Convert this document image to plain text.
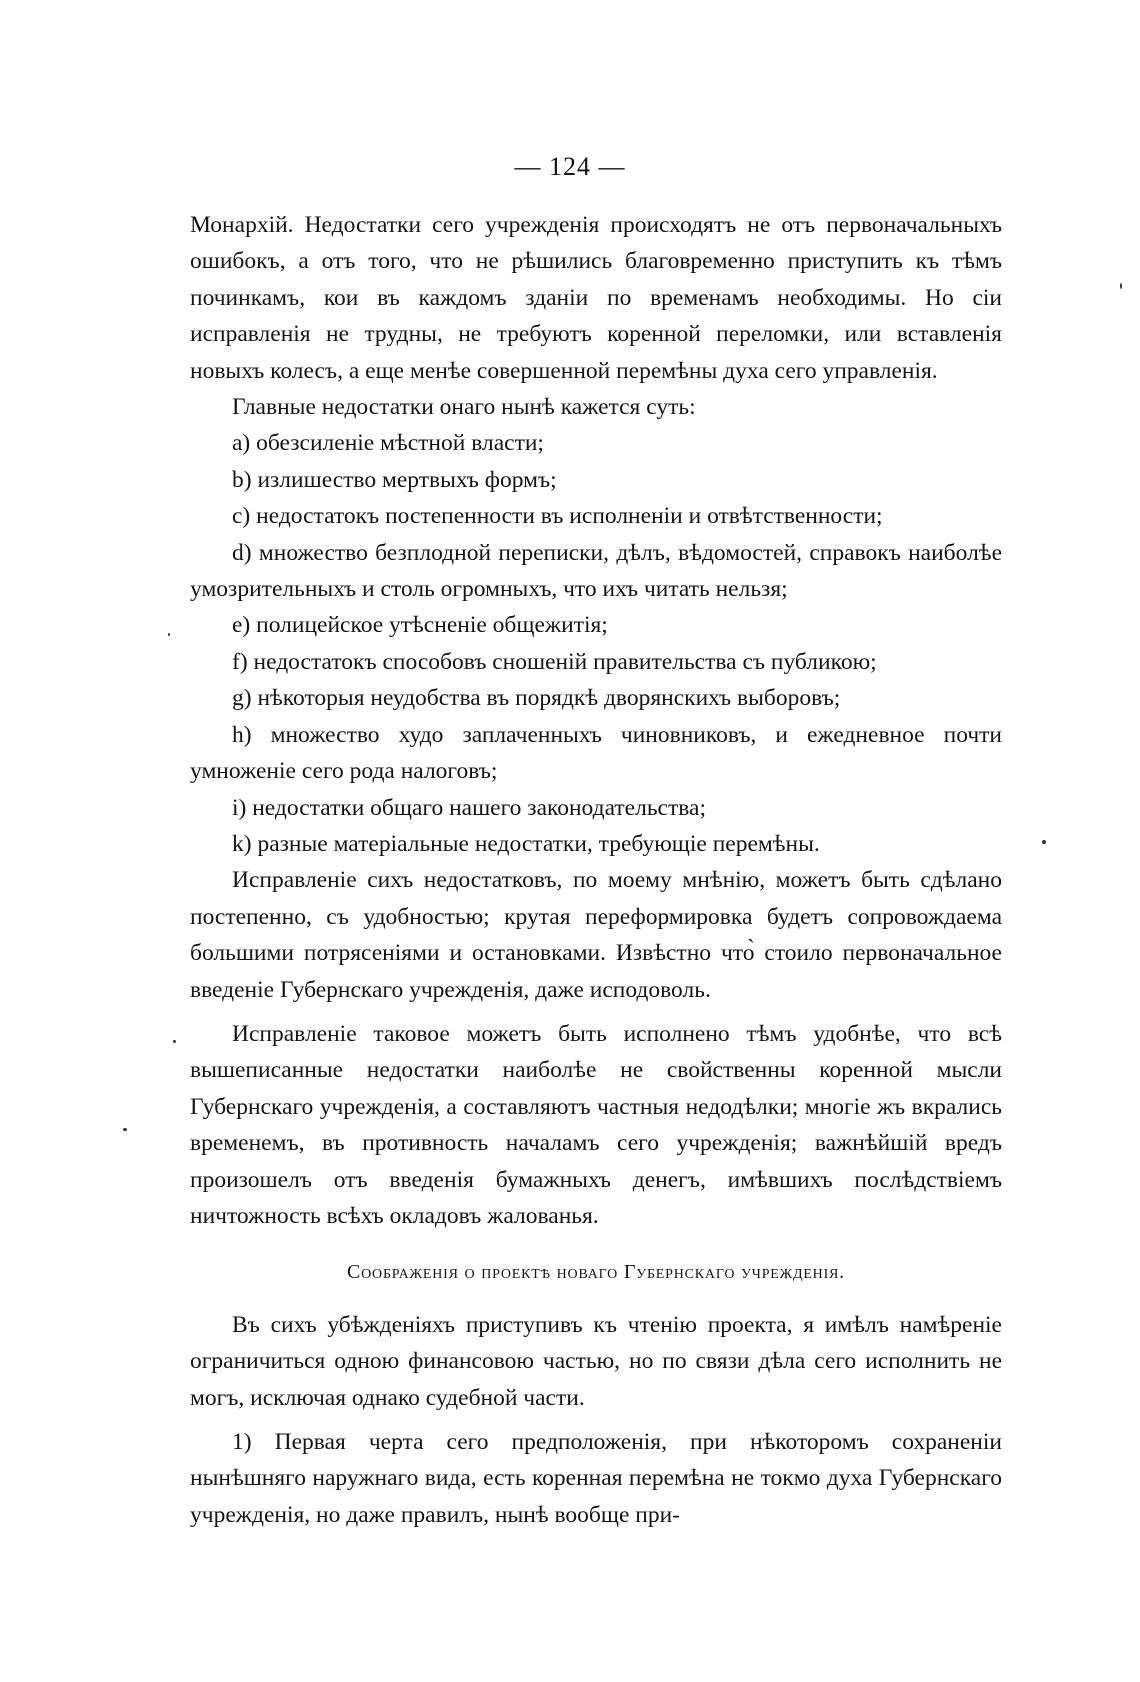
— 124 —

Монархій. Недостатки сего учрежденія происходятъ не отъ первоначальныхъ ошибокъ, а отъ того, что не рѣшились благовременно приступить къ тѣмъ починкамъ, кои въ каждомъ зданіи по временамъ необходимы. Но сіи исправленія не трудны, не требуютъ коренной переломки, или вставленія новыхъ колесъ, а еще менѣе совершенной перемѣны духа сего управленія.

Главные недостатки онаго нынѣ кажется суть:

a) обезсиленіе мѣстной власти;

b) излишество мертвыхъ формъ;

c) недостатокъ постепенности въ исполненіи и отвѣтственности;

d) множество безплодной переписки, дѣлъ, вѣдомостей, справокъ наиболѣе умозрительныхъ и столь огромныхъ, что ихъ читать нельзя;

e) полицейское утѣсненіе общежитія;

f) недостатокъ способовъ сношеній правительства съ публикою;

g) нѣкоторыя неудобства въ порядкѣ дворянскихъ выборовъ;

h) множество худо заплаченныхъ чиновниковъ, и ежедневное почти умноженіе сего рода налоговъ;

i) недостатки общаго нашего законодательства;

k) разные матеріальные недостатки, требующіе перемѣны.

Исправленіе сихъ недостатковъ, по моему мнѣнію, можетъ быть сдѣлано постепенно, съ удобностью; крутая переформировка будетъ сопровождаема большими потрясеніями и остановками. Извѣстно что̀ стоило первоначальное введеніе Губернскаго учрежденія, даже исподоволь.

Исправленіе таковое можетъ быть исполнено тѣмъ удобнѣе, что всѣ вышеписанные недостатки наиболѣе не свойственны коренной мысли Губернскаго учрежденія, а составляютъ частныя недодѣлки; многіе жъ вкрались временемъ, въ противность началамъ сего учрежденія; важнѣйшій вредъ произошелъ отъ введенія бумажныхъ денегъ, имѣвшихъ послѣдствіемъ ничтожность всѣхъ окладовъ жалованья.

Соображенія о проектѣ новаго Губернскаго учрежденія.

Въ сихъ убѣжденіяхъ приступивъ къ чтенію проекта, я имѣлъ намѣреніе ограничиться одною финансовою частью, но по связи дѣла сего исполнить не могъ, исключая однако судебной части.

1) Первая черта сего предположенія, при нѣкоторомъ сохраненіи нынѣшняго наружнаго вида, есть коренная перемѣна не токмо духа Губернскаго учрежденія, но даже правилъ, нынѣ вообще при-
